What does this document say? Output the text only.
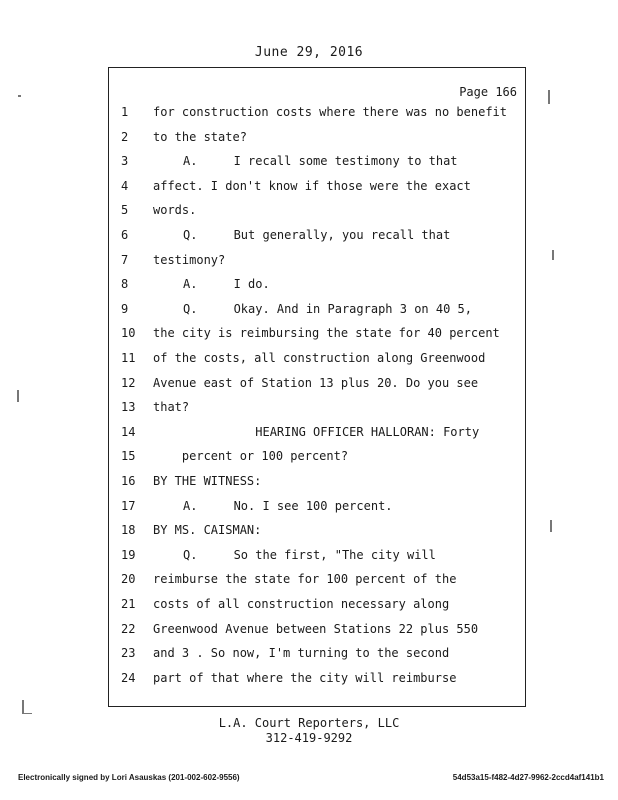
June 29, 2016
Page 166
1	for construction costs where there was no benefit
2	to the state?
3	A.     I recall some testimony to that
4	affect. I don't know if those were the exact
5	words.
6	Q.     But generally, you recall that
7	testimony?
8	A.     I do.
9	Q.     Okay. And in Paragraph 3 on 40 5,
10	the city is reimbursing the state for 40 percent
11	of the costs, all construction along Greenwood
12	Avenue east of Station 13 plus 20. Do you see
13	that?
14	HEARING OFFICER HALLORAN: Forty
15	percent or 100 percent?
16	BY THE WITNESS:
17	A.     No. I see 100 percent.
18	BY MS. CAISMAN:
19	Q.     So the first, "The city will
20	reimburse the state for 100 percent of the
21	costs of all construction necessary along
22	Greenwood Avenue between Stations 22 plus 550
23	and 3 . So now, I'm turning to the second
24	part of that where the city will reimburse
L.A. Court Reporters, LLC
312-419-9292
Electronically signed by Lori Asauskas (201-002-602-9556)	54d53a15-f482-4d27-9962-2ccd4af141b1
